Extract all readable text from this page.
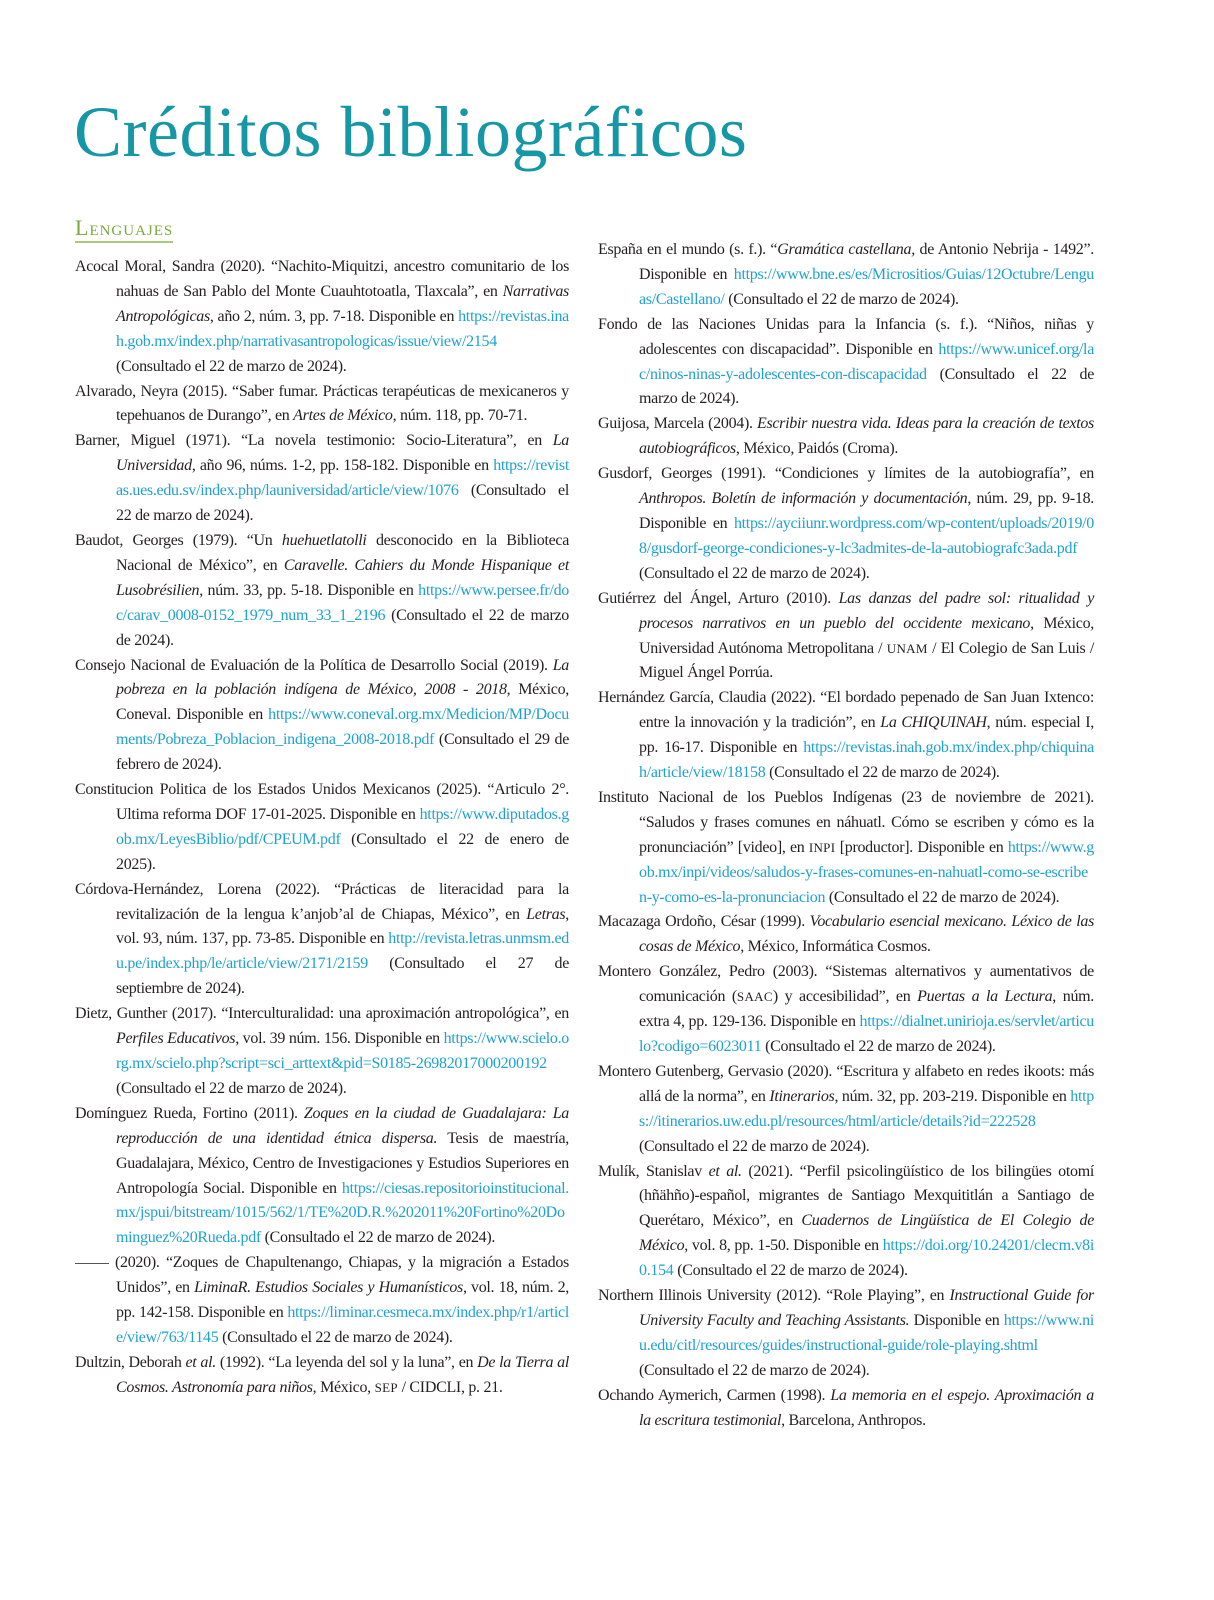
Créditos bibliográficos
Lenguajes

Acocal Moral, Sandra (2020). “Nachito-Miquitzi, ancestro comunitario de los nahuas de San Pablo del Monte Cuauhtotoatla, Tlaxcala”, en Narrativas Antropológicas, año 2, núm. 3, pp. 7-18. Disponible en https://revistas.inah.gob.mx/index.php/narrativasantropologicas/issue/view/2154 (Consultado el 22 de marzo de 2024).

Alvarado, Neyra (2015). “Saber fumar. Prácticas terapéuticas de mexicaneros y tepehuanos de Durango”, en Artes de México, núm. 118, pp. 70-71.

Barner, Miguel (1971). “La novela testimonio: Socio-Literatura”, en La Universidad, año 96, núms. 1-2, pp. 158-182. Disponible en https://revistas.ues.edu.sv/index.php/launiversidad/article/view/1076 (Consultado el 22 de marzo de 2024).

Baudot, Georges (1979). “Un huehuetlatolli desconocido en la Biblioteca Nacional de México”, en Caravelle. Cahiers du Monde Hispanique et Lusobrésilien, núm. 33, pp. 5-18. Disponible en https://www.persee.fr/doc/carav_0008-0152_1979_num_33_1_2196 (Consultado el 22 de marzo de 2024).

Consejo Nacional de Evaluación de la Política de Desarrollo Social (2019). La pobreza en la población indígena de México, 2008 - 2018, México, Coneval. Disponible en https://www.coneval.org.mx/Medicion/MP/Documents/Pobreza_Poblacion_indigena_2008-2018.pdf (Consultado el 29 de febrero de 2024).

Constitucion Politica de los Estados Unidos Mexicanos (2025). “Articulo 2°. Ultima reforma DOF 17-01-2025. Disponible en https://www.diputados.gob.mx/LeyesBiblio/pdf/CPEUM.pdf (Consultado el 22 de enero de 2025).

Córdova-Hernández, Lorena (2022). “Prácticas de literacidad para la revitalización de la lengua k’anjob’al de Chiapas, México”, en Letras, vol. 93, núm. 137, pp. 73-85. Disponible en http://revista.letras.unmsm.edu.pe/index.php/le/article/view/2171/2159 (Consultado el 27 de septiembre de 2024).

Dietz, Gunther (2017). “Interculturalidad: una aproximación antropológica”, en Perfiles Educativos, vol. 39 núm. 156. Disponible en https://www.scielo.org.mx/scielo.php?script=sci_arttext&pid=S0185-26982017000200192 (Consultado el 22 de marzo de 2024).

Domínguez Rueda, Fortino (2011). Zoques en la ciudad de Guadalajara: La reproducción de una identidad étnica dispersa. Tesis de maestría, Guadalajara, México, Centro de Investigaciones y Estudios Superiores en Antropología Social. Disponible en https://ciesas.repositorioinstitucional.mx/jspui/bitstream/1015/562/1/TE%20D.R.%202011%20Fortino%20Dominguez%20Rueda.pdf (Consultado el 22 de marzo de 2024).

(2020). “Zoques de Chapultenango, Chiapas, y la migración a Estados Unidos”, en LiminaR. Estudios Sociales y Humanísticos, vol. 18, núm. 2, pp. 142-158. Disponible en https://liminar.cesmeca.mx/index.php/r1/article/view/763/1145 (Consultado el 22 de marzo de 2024).

Dultzin, Deborah et al. (1992). “La leyenda del sol y la luna”, en De la Tierra al Cosmos. Astronomía para niños, México, SEP / CIDCLI, p. 21.

España en el mundo (s. f.). “Gramática castellana, de Antonio Nebrija - 1492”. Disponible en https://www.bne.es/es/Micrositios/Guias/12Octubre/Lenguas/Castellano/ (Consultado el 22 de marzo de 2024).

Fondo de las Naciones Unidas para la Infancia (s. f.). “Niños, niñas y adolescentes con discapacidad”. Disponible en https://www.unicef.org/lac/ninos-ninas-y-adolescentes-con-discapacidad (Consultado el 22 de marzo de 2024).

Guijosa, Marcela (2004). Escribir nuestra vida. Ideas para la creación de textos autobiográficos, México, Paidós (Croma).

Gusdorf, Georges (1991). “Condiciones y límites de la autobiografía”, en Anthropos. Boletín de información y documentación, núm. 29, pp. 9-18. Disponible en https://ayciiunr.wordpress.com/wp-content/uploads/2019/08/gusdorf-george-condiciones-y-lc3admites-de-la-autobiografc3ada.pdf (Consultado el 22 de marzo de 2024).

Gutiérrez del Ángel, Arturo (2010). Las danzas del padre sol: ritualidad y procesos narrativos en un pueblo del occidente mexicano, México, Universidad Autónoma Metropolitana / UNAM / El Colegio de San Luis / Miguel Ángel Porrúa.

Hernández García, Claudia (2022). “El bordado pepenado de San Juan Ixtenco: entre la innovación y la tradición”, en La CHIQUINAH, núm. especial I, pp. 16-17. Disponible en https://revistas.inah.gob.mx/index.php/chiquinah/article/view/18158 (Consultado el 22 de marzo de 2024).

Instituto Nacional de los Pueblos Indígenas (23 de noviembre de 2021). “Saludos y frases comunes en náhuatl. Cómo se escriben y cómo es la pronunciación” [video], en INPI [productor]. Disponible en https://www.gob.mx/inpi/videos/saludos-y-frases-comunes-en-nahuatl-como-se-escriben-y-como-es-la-pronunciacion (Consultado el 22 de marzo de 2024).

Macazaga Ordoño, César (1999). Vocabulario esencial mexicano. Léxico de las cosas de México, México, Informática Cosmos.

Montero González, Pedro (2003). “Sistemas alternativos y aumentativos de comunicación (SAAC) y accesibilidad”, en Puertas a la Lectura, núm. extra 4, pp. 129-136. Disponible en https://dialnet.unirioja.es/servlet/articulo?codigo=6023011 (Consultado el 22 de marzo de 2024).

Montero Gutenberg, Gervasio (2020). “Escritura y alfabeto en redes ikoots: más allá de la norma”, en Itinerarios, núm. 32, pp. 203-219. Disponible en https://itinerarios.uw.edu.pl/resources/html/article/details?id=222528 (Consultado el 22 de marzo de 2024).

Mulík, Stanislav et al. (2021). “Perfil psicolingüístico de los bilingües otomí (hñähño)-español, migrantes de Santiago Mexquititlán a Santiago de Querétaro, México”, en Cuadernos de Lingüística de El Colegio de México, vol. 8, pp. 1-50. Disponible en https://doi.org/10.24201/clecm.v8i0.154 (Consultado el 22 de marzo de 2024).

Northern Illinois University (2012). “Role Playing”, en Instructional Guide for University Faculty and Teaching Assistants. Disponible en https://www.niu.edu/citl/resources/guides/instructional-guide/role-playing.shtml (Consultado el 22 de marzo de 2024).

Ochando Aymerich, Carmen (1998). La memoria en el espejo. Aproximación a la escritura testimonial, Barcelona, Anthropos.
